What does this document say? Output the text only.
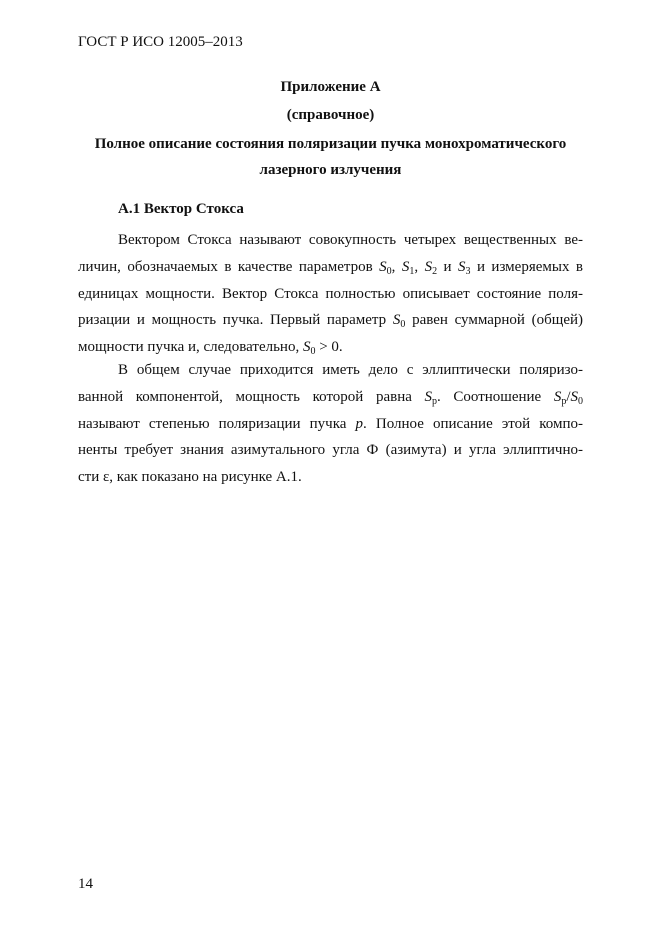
ГОСТ Р ИСО 12005–2013

Приложение А

(справочное)

Полное описание состояния поляризации пучка монохроматического

лазерного излучения

А.1 Вектор Стокса

Вектором Стокса называют совокупность четырех вещественных ве-
личин, обозначаемых в качестве параметров $S_0$, $S_1$, $S_2$ и $S_3$ и измеряемых в
единицах мощности. Вектор Стокса полностью описывает состояние поля-
ризации и мощность пучка. Первый параметр $S_0$ равен суммарной (общей)
мощности пучка и, следовательно, $S_0 > 0$.
В общем случае приходится иметь дело с эллиптически поляризо-
ванной компонентой, мощность которой равна $S_p$. Соотношение $S_p/S_0$
называют степенью поляризации пучка p. Полное описание этой компо-
ненты требует знания азимутального угла Ф (азимута) и угла эллиптично-
сти ε, как показано на рисунке А.1.

14
